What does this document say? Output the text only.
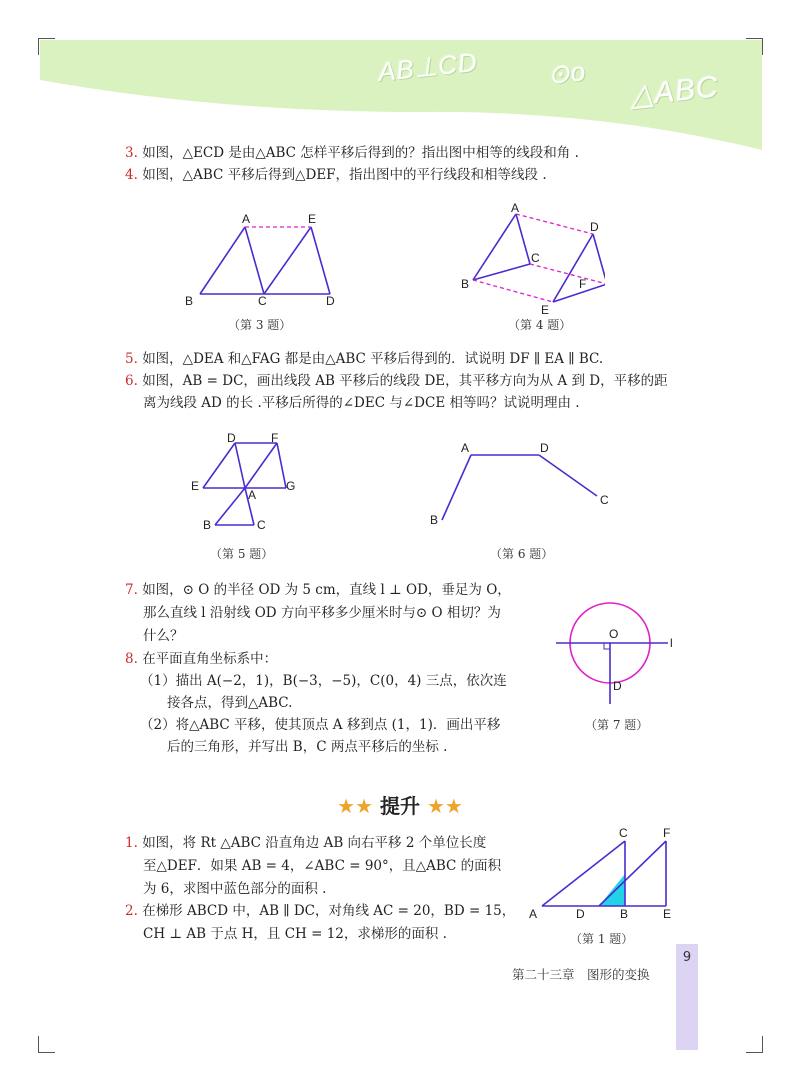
AB⊥CD	⊙o △ABC
3. 如图，△ECD 是由△ABC 怎样平移后得到的？指出图中相等的线段和角 .
4. 如图，△ABC 平移后得到△DEF，指出图中的平行线段和相等线段 .
A	E
B	C	D
（第 3 题）
A
D
C
B	F
E
（第 4 题）
5. 如图，△DEA 和△FAG 都是由△ABC 平移后得到的．试说明 DF ∥ EA ∥ BC.
6. 如图，AB = DC，画出线段 AB 平移后的线段 DE，其平移方向为从 A 到 D，平移的距
离为线段 AD 的长 .平移后所得的∠DEC 与∠DCE 相等吗？试说明理由 .
D	F
E
A
G
B	C
（第 5 题）
A	D
C
B
（第 6 题）
7. 如图，⊙ O 的半径 OD 为 5 cm，直线 l ⊥ OD，垂足为 O，
那么直线 l 沿射线 OD 方向平移多少厘米时与⊙ O 相切？为
什么？
8. 在平面直角坐标系中：
（1）描出 A(−2，1)，B(−3，−5)，C(0，4) 三点，依次连
接各点，得到△ABC.
（2）将△ABC 平移，使其顶点 A 移到点 (1，1)．画出平移
后的三角形，并写出 B，C 两点平移后的坐标 .
O
l
D
（第 7 题）
★★ 提升 ★★
1. 如图，将 Rt △ABC 沿直角边 AB 向右平移 2 个单位长度
至△DEF．如果 AB = 4，∠ABC = 90°，且△ABC 的面积
为 6，求图中蓝色部分的面积 .
2. 在梯形 ABCD 中，AB ∥ DC，对角线 AC = 20，BD = 15，
CH ⊥ AB 于点 H，且 CH = 12，求梯形的面积 .
C	F
A	D	B	E
（第 1 题）
9
第二十三章　图形的变换
